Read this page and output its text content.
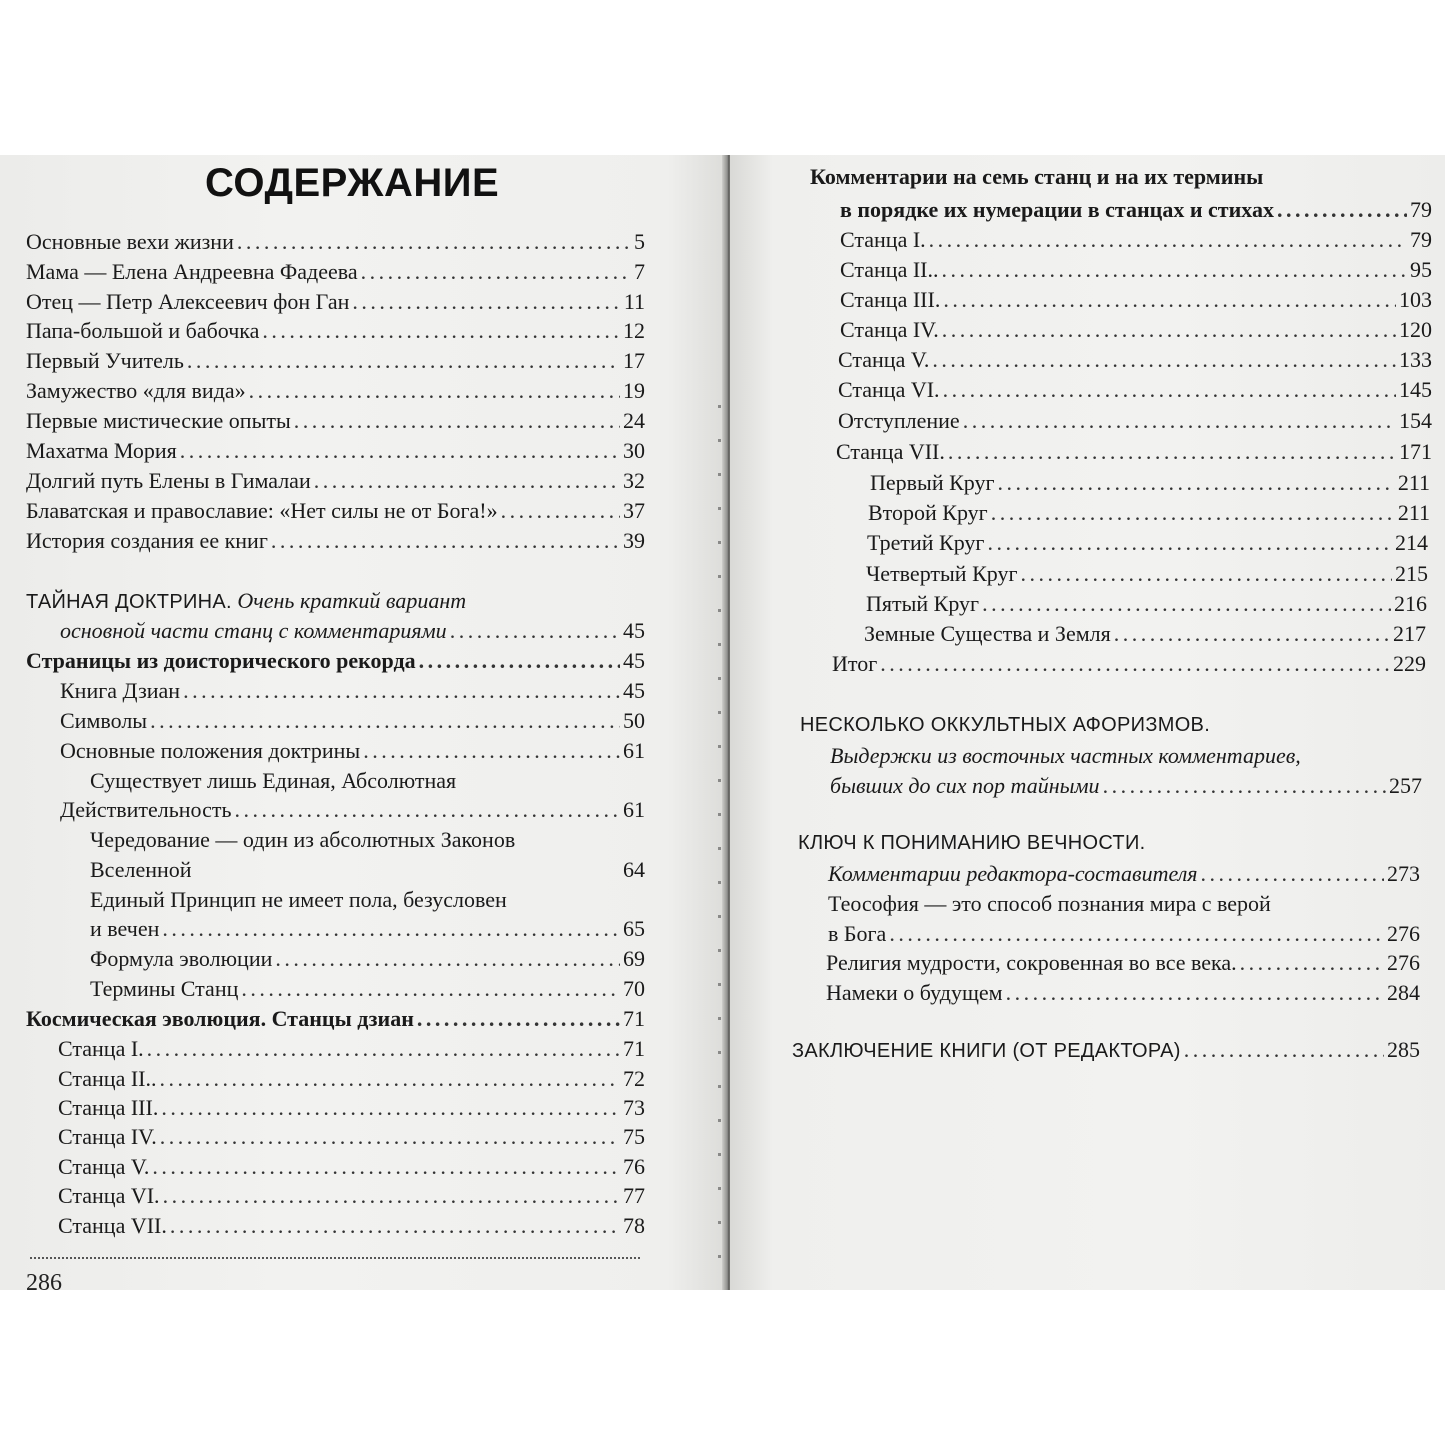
СОДЕРЖАНИЕ
Основные вехи жизни . . .	5
Мама — Елена Андреевна Фадеева . . .	7
Отец — Петр Алексеевич фон Ган . . .	11
Папа-большой и бабочка . . .	12
Первый Учитель . . .	17
Замужество «для вида» . . .	19
Первые мистические опыты . . .	24
Махатма Мория . . .	30
Долгий путь Елены в Гималаи . . .	32
Блаватская и православие: «Нет силы не от Бога!» . . .	37
История создания ее книг . . .	39
ТАЙНАЯ ДОКТРИНА. Очень краткий вариант
основной части станц с комментариями . . .	45
Страницы из доисторического рекорда . . .	45
Книга Дзиан . . .	45
Символы . . .	50
Основные положения доктрины . . .	61
Существует лишь Единая, Абсолютная
Действительность . . .	61
Чередование — один из абсолютных Законов
Вселенной	64
Единый Принцип не имеет пола, безусловен
и вечен . . .	65
Формула эволюции . . .	69
Термины Станц . . .	70
Космическая эволюция. Станцы дзиан . . .	71
Станца I. . . .	71
Станца II.. . . .	72
Станца III. . . .	73
Станца IV. . . .	75
Станца V. . . .	76
Станца VI. . . .	77
Станца VII. . . .	78
286
Комментарии на семь станц и на их термины
в порядке их нумерации в станцах и стихах . . .	79
Станца I. . . .	79
Станца II.. . . .	95
Станца III. . . .	103
Станца IV. . . .	120
Станца V. . . .	133
Станца VI. . . .	145
Отступление . . .	154
Станца VII. . . .	171
Первый Круг . . .	211
Второй Круг . . .	211
Третий Круг . . .	214
Четвертый Круг . . .	215
Пятый Круг . . .	216
Земные Существа и Земля . . .	217
Итог . . .	229
НЕСКОЛЬКО ОККУЛЬТНЫХ АФОРИЗМОВ.
Выдержки из восточных частных комментариев,
бывших до сих пор тайными . . .	257
КЛЮЧ К ПОНИМАНИЮ ВЕЧНОСТИ.
Комментарии редактора-составителя . . .	273
Теософия — это способ познания мира с верой
в Бога . . .	276
Религия мудрости, сокровенная во все века. . . .	276
Намеки о будущем . . .	284
ЗАКЛЮЧЕНИЕ КНИГИ (ОТ РЕДАКТОРА) . . .	285
